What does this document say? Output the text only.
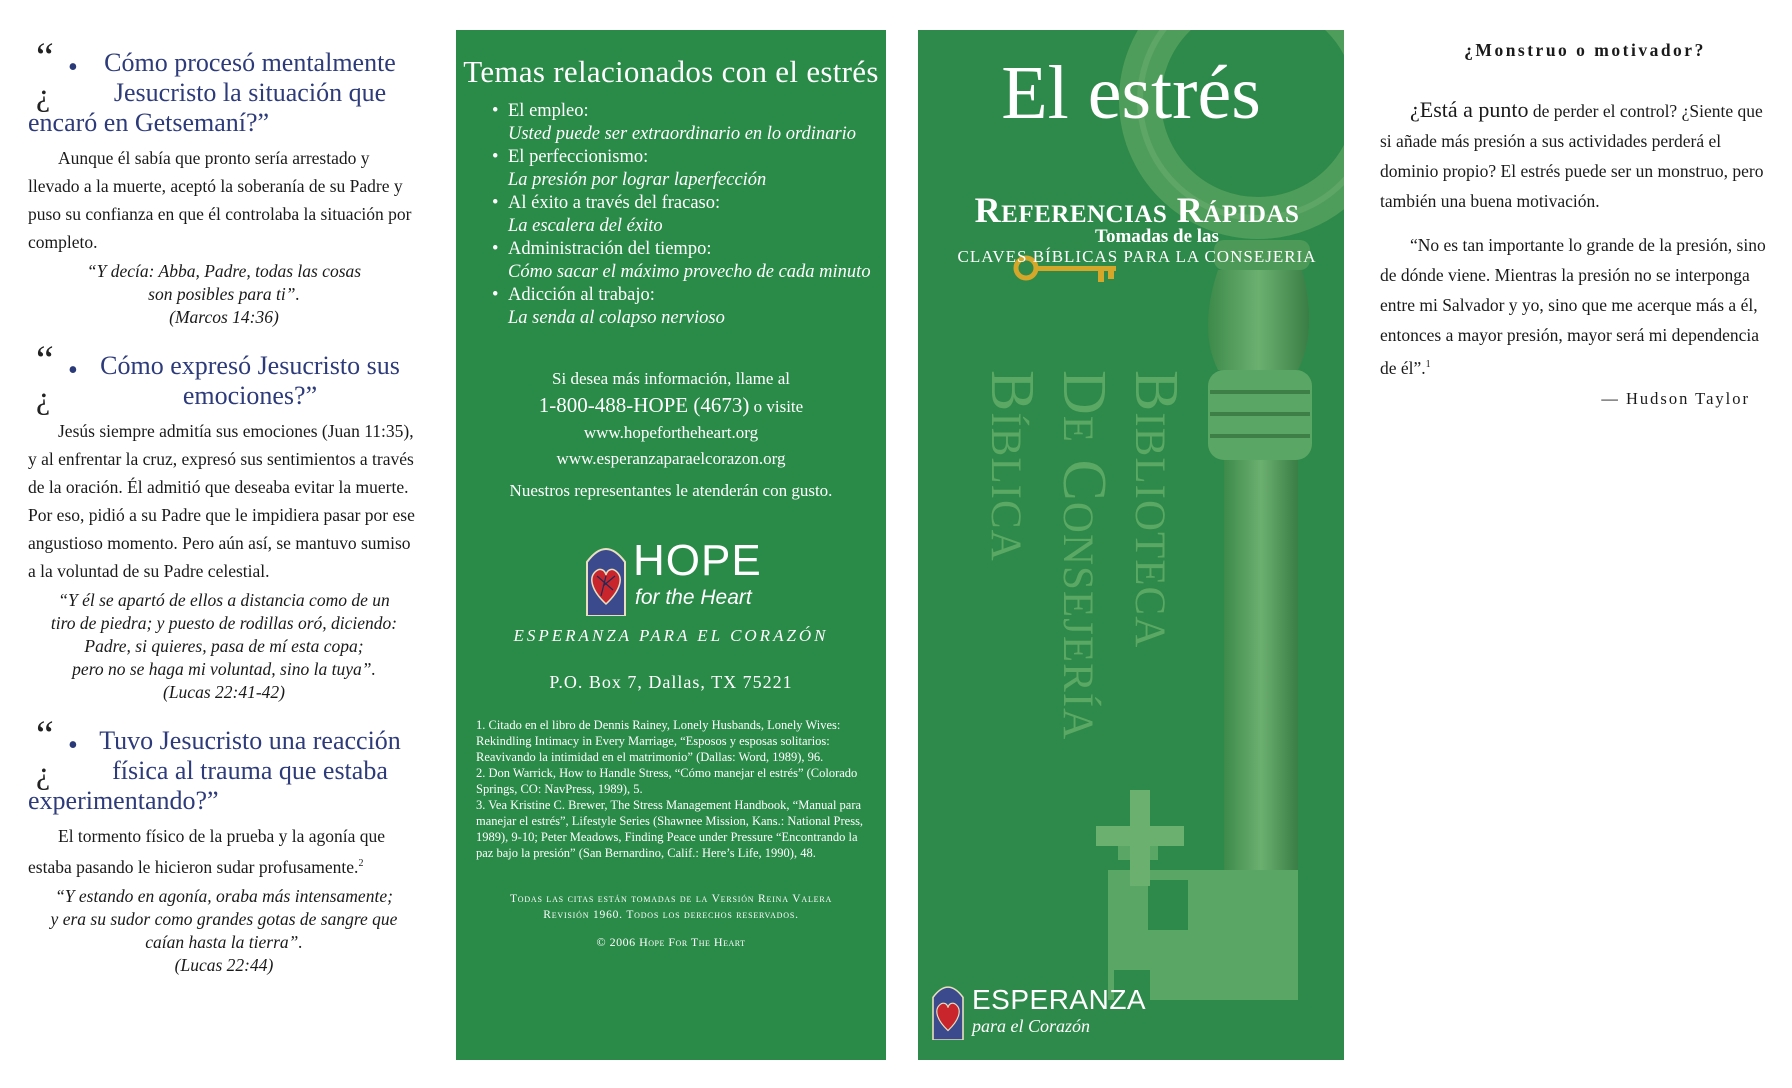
“
¿
•	Cómo procesó mentalmente
Jesucristo la situación que

encaró en Getsemaní?”

Aunque él sabía que pronto sería arrestado y llevado a la muerte, aceptó la soberanía de su Padre y puso su confianza en que él controlaba la situación por completo.

“Y decía: Abba, Padre, todas las cosas
son posibles para ti”.
(Marcos 14:36)
“
¿
• Cómo expresó Jesucristo sus
emociones?”

Jesús siempre admitía sus emociones (Juan 11:35), y al enfrentar la cruz, expresó sus sentimientos a través de la oración. Él admitió que deseaba evitar la muerte. Por eso, pidió a su Padre que le impidiera pasar por ese angustioso momento. Pero aún así, se mantuvo sumiso a la voluntad de su Padre celestial.

“Y él se apartó de ellos a distancia como de un
tiro de piedra; y puesto de rodillas oró, diciendo:
Padre, si quieres, pasa de mí esta copa;
pero no se haga mi voluntad, sino la tuya”.
(Lucas 22:41-42)
“
¿
• Tuvo Jesucristo una reacción
física al trauma que estaba

experimentando?”

El tormento físico de la prueba y la agonía que estaba pasando le hicieron sudar profusamente.$^2$

“Y estando en agonía, oraba más intensamente;
y era su sudor como grandes gotas de sangre que
caían hasta la tierra”.
(Lucas 22:44)
Temas relacionados con el estrés
• El empleo:
Usted puede ser extraordinario en lo ordinario
• El perfeccionismo:
La presión por lograr laperfección
• Al éxito a través del fracaso:
La escalera del éxito
• Administración del tiempo:
Cómo sacar el máximo provecho de cada minuto
• Adicción al trabajo:
La senda al colapso nervioso
Si desea más información, llame al
1-800-488-HOPE (4673) o visite
www.hopefortheheart.org
www.esperanzaparaelcorazon.org
Nuestros representantes le atenderán con gusto.
HOPE
for the Heart
ESPERANZA PARA EL CORAZÓN
P.O. Box 7, Dallas, TX 75221

1. Citado en el libro de Dennis Rainey, Lonely Husbands, Lonely Wives: Rekindling Intimacy in Every Marriage, “Esposos y esposas solitarios: Reavivando la intimidad en el matrimonio” (Dallas: Word, 1989), 96.

2. Don Warrick, How to Handle Stress, “Cómo manejar el estrés” (Colorado Springs, CO: NavPress, 1989), 5.

3. Vea Kristine C. Brewer, The Stress Management Handbook, “Manual para manejar el estrés”, Lifestyle Series (Shawnee Mission, Kans.: National Press, 1989), 9-10; Peter Meadows, Finding Peace under Pressure “Encontrando la paz bajo la presión” (San Bernardino, Calif.: Here’s Life, 1990), 48.

Todas las citas están tomadas de la Versión Reina Valera
Revisión 1960. Todos los derechos reservados.
© 2006 Hope For The Heart
El estrés
Referencias Rápidas
Tomadas de las
CLAVES BÍBLICAS PARA LA CONSEJERIA
Biblioteca
De Consejería
Bíblica
ESPERANZA
para el Corazón
¿Monstruo o motivador?

¿Está a punto de perder el control? ¿Siente que si añade más presión a sus actividades perderá el dominio propio? El estrés puede ser un monstruo, pero también una buena motivación.

“No es tan importante lo grande de la presión, sino de dónde viene. Mientras la presión no se interponga entre mi Salvador y yo, sino que me acerque más a él, entonces a mayor presión, mayor será mi dependencia de él”.$^1$

— Hudson Taylor
